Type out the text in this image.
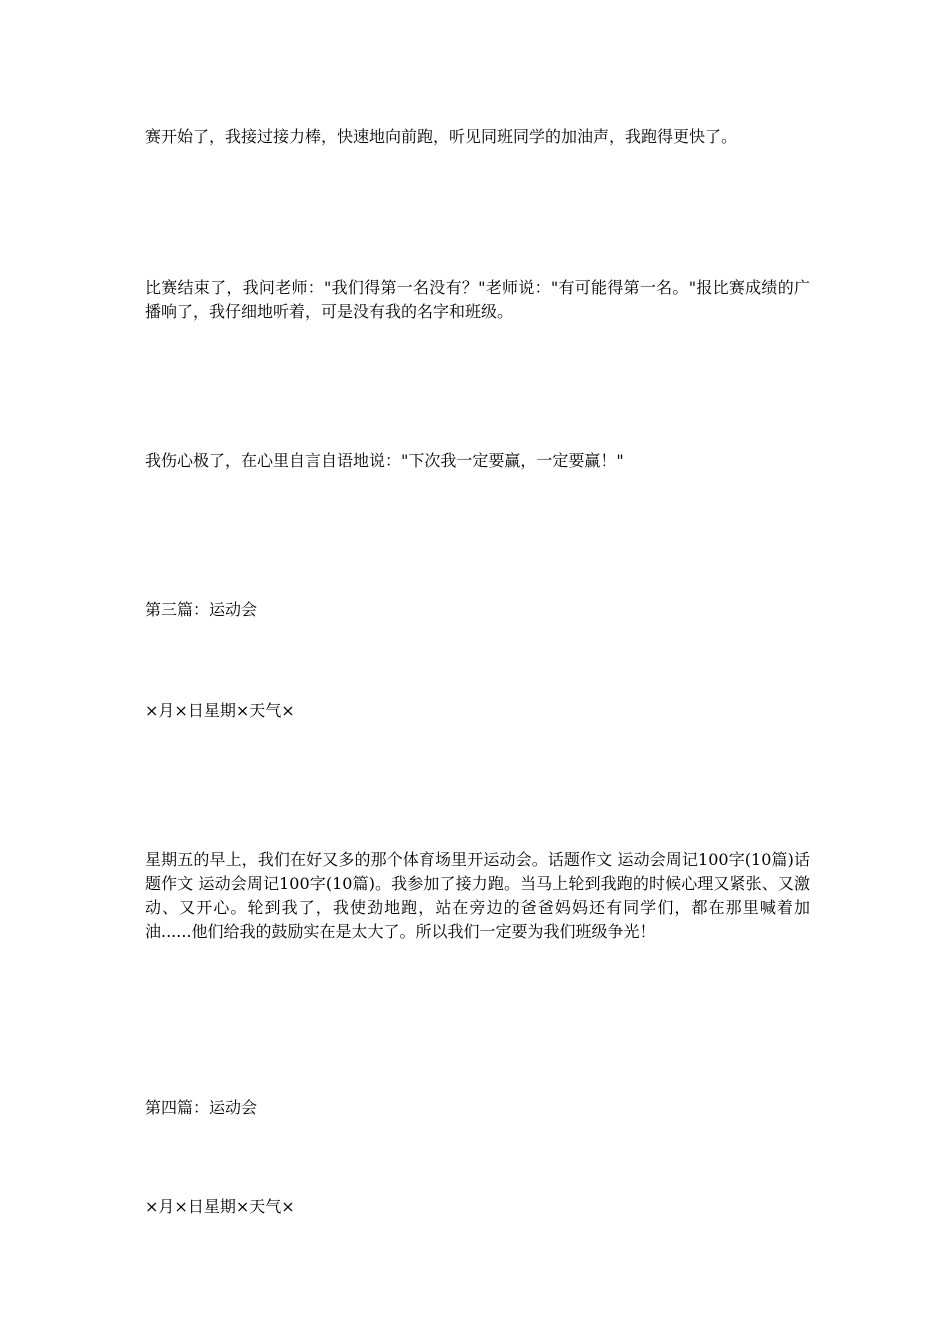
赛开始了，我接过接力棒，快速地向前跑，听见同班同学的加油声，我跑得更快了。

比赛结束了，我问老师："我们得第一名没有？"老师说："有可能得第一名。"报比赛成绩的广播响了，我仔细地听着，可是没有我的名字和班级。

我伤心极了，在心里自言自语地说："下次我一定要赢，一定要赢！"

第三篇：运动会

×月×日星期×天气×

星期五的早上，我们在好又多的那个体育场里开运动会。话题作文 运动会周记100字(10篇)话题作文 运动会周记100字(10篇)。我参加了接力跑。当马上轮到我跑的时候心理又紧张、又激动、又开心。轮到我了，我使劲地跑，站在旁边的爸爸妈妈还有同学们，都在那里喊着加油......他们给我的鼓励实在是太大了。所以我们一定要为我们班级争光！

第四篇：运动会

×月×日星期×天气×
